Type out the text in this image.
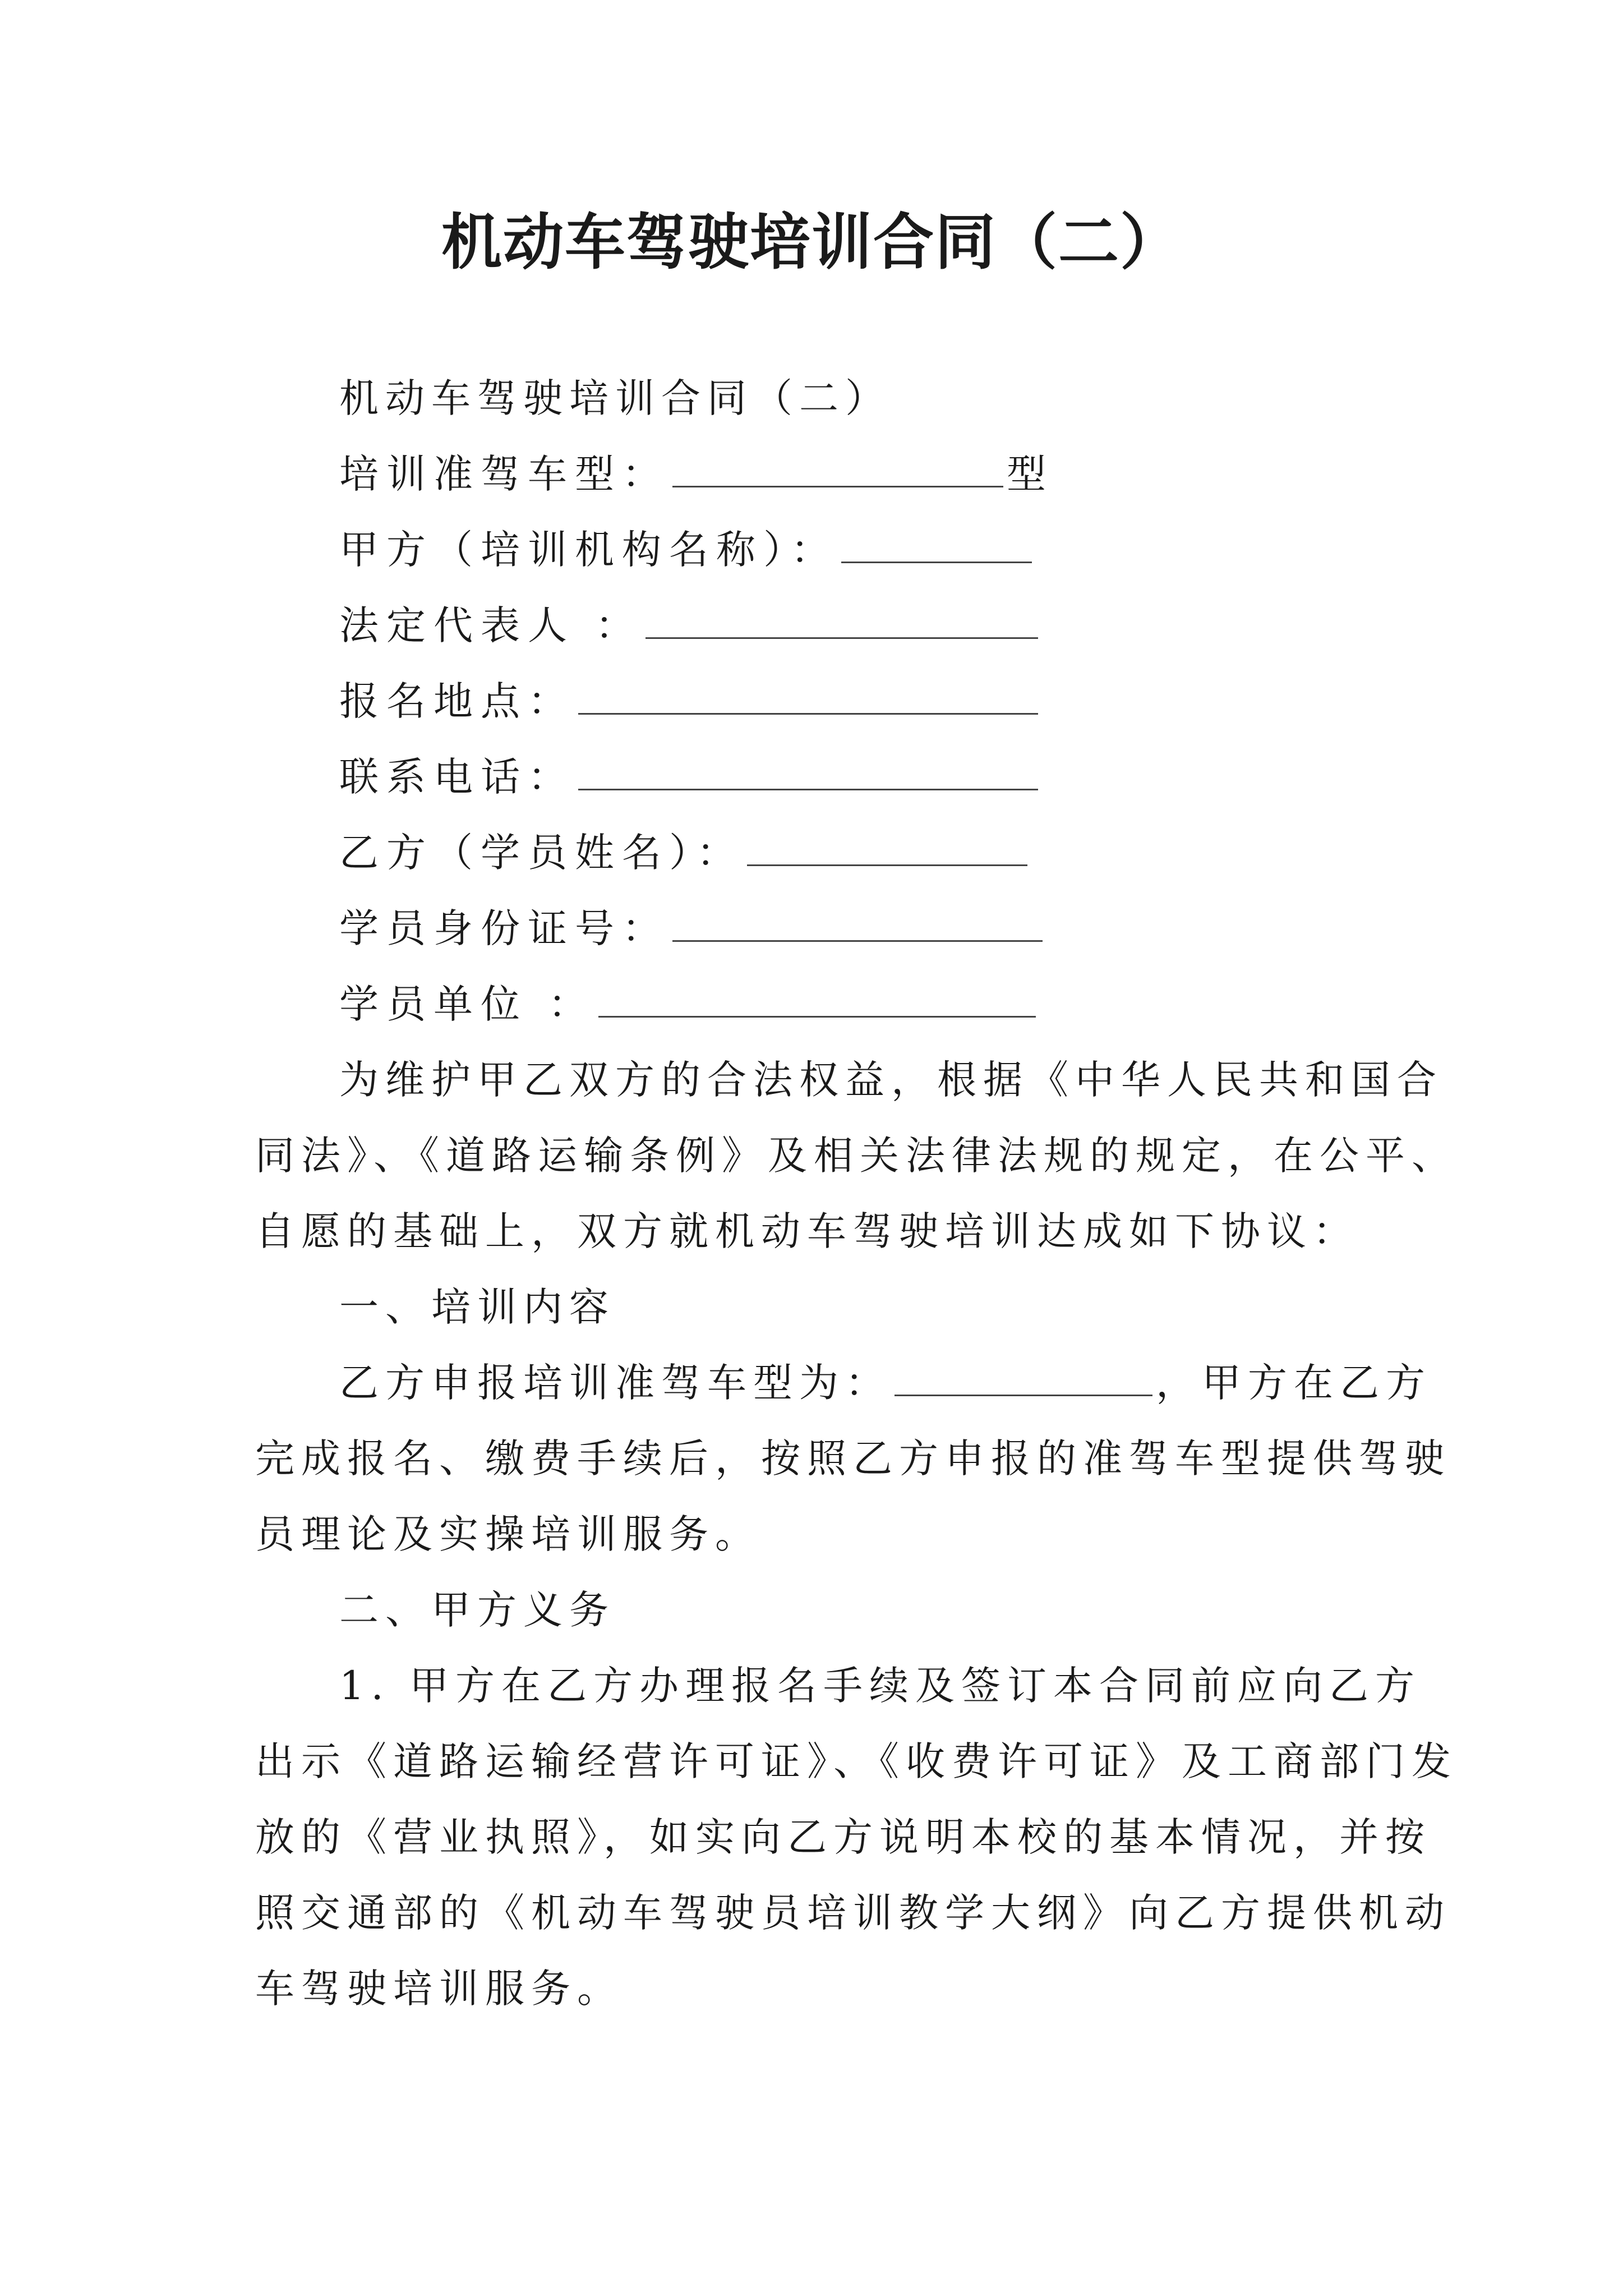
机动车驾驶培训合同（二）
机动车驾驶培训合同（二）
培训准驾车型：	型
甲方（培训机构名称）：
法定代表人 ：
报名地点：
联系电话：
乙方（学员姓名）：
学员身份证号：
学员单位 ：
为维护甲乙双方的合法权益，根据《中华人民共和国合
同法》、《道路运输条例》及相关法律法规的规定，在公平、
自愿的基础上，双方就机动车驾驶培训达成如下协议：
一、培训内容
乙方申报培训准驾车型为：	，甲方在乙方
完成报名、缴费手续后，按照乙方申报的准驾车型提供驾驶
员理论及实操培训服务。
二、甲方义务
1. 甲方在乙方办理报名手续及签订本合同前应向乙方
出示《道路运输经营许可证》、《收费许可证》及工商部门发
放的《营业执照》，如实向乙方说明本校的基本情况，并按
照交通部的《机动车驾驶员培训教学大纲》向乙方提供机动
车驾驶培训服务。
